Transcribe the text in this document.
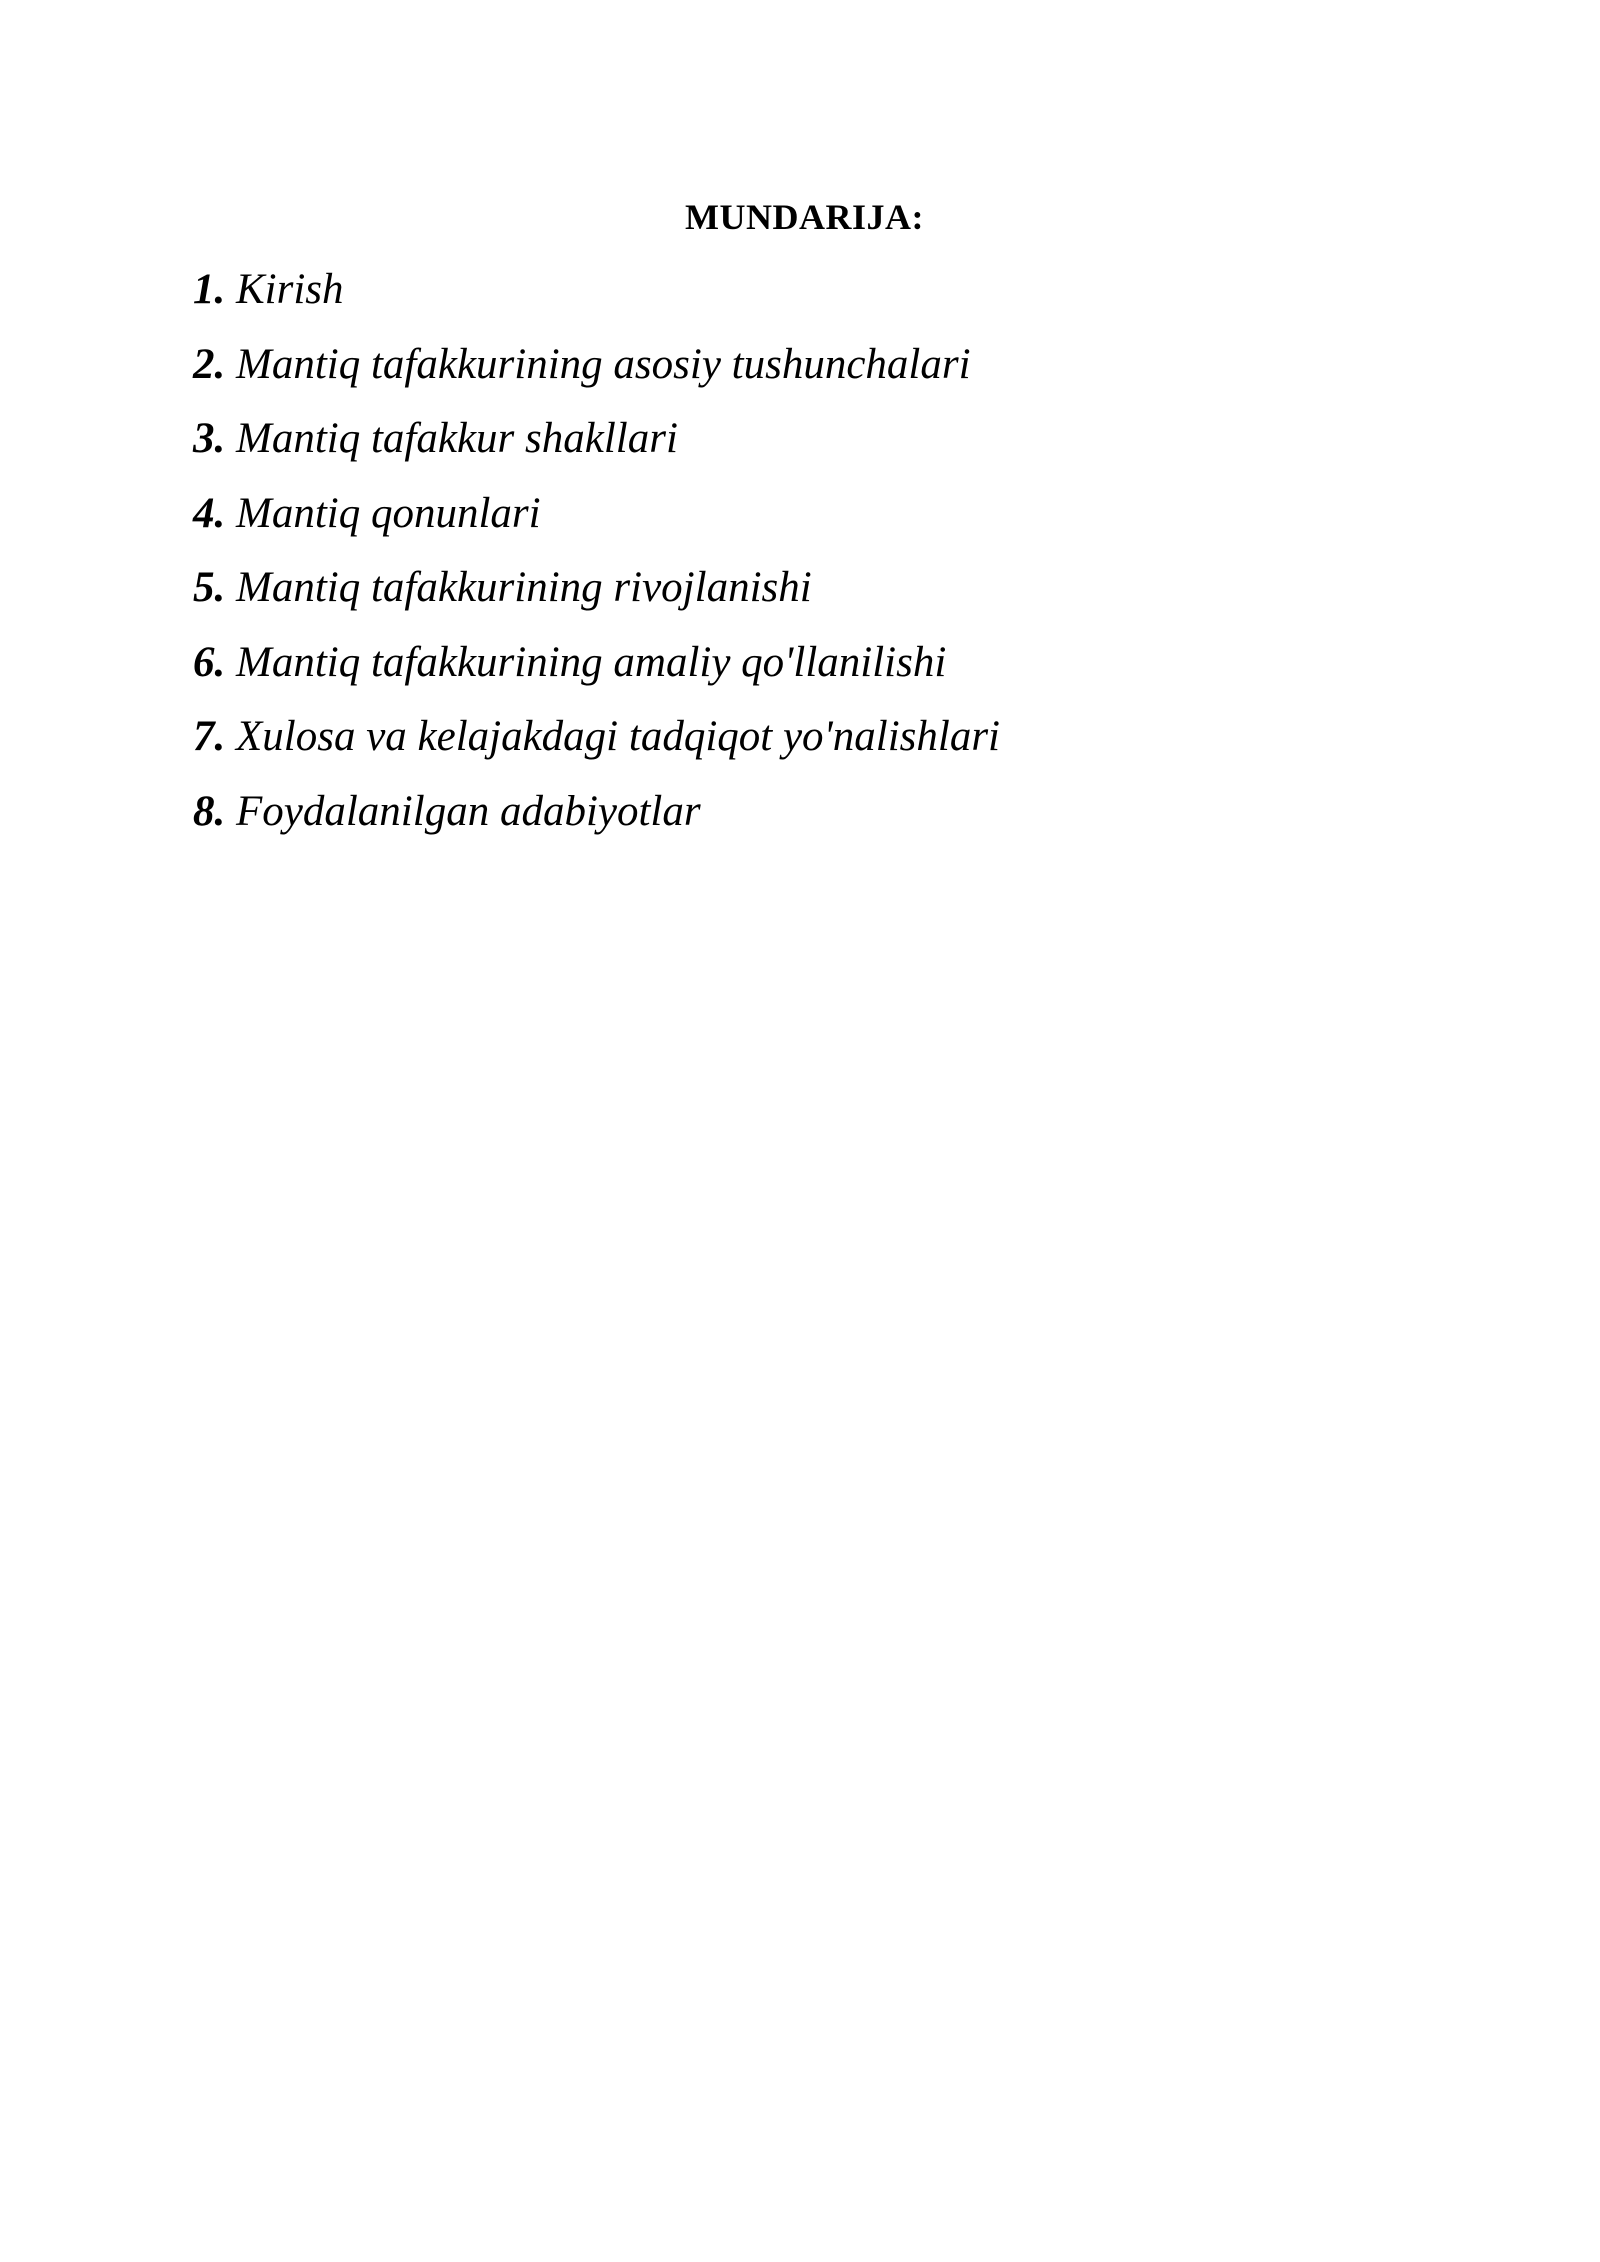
MUNDARIJA:
1. Kirish
2. Mantiq tafakkurining asosiy tushunchalari
3. Mantiq tafakkur shakllari
4. Mantiq qonunlari
5. Mantiq tafakkurining rivojlanishi
6. Mantiq tafakkurining amaliy qo'llanilishi
7. Xulosa va kelajakdagi tadqiqot yo'nalishlari
8. Foydalanilgan adabiyotlar
